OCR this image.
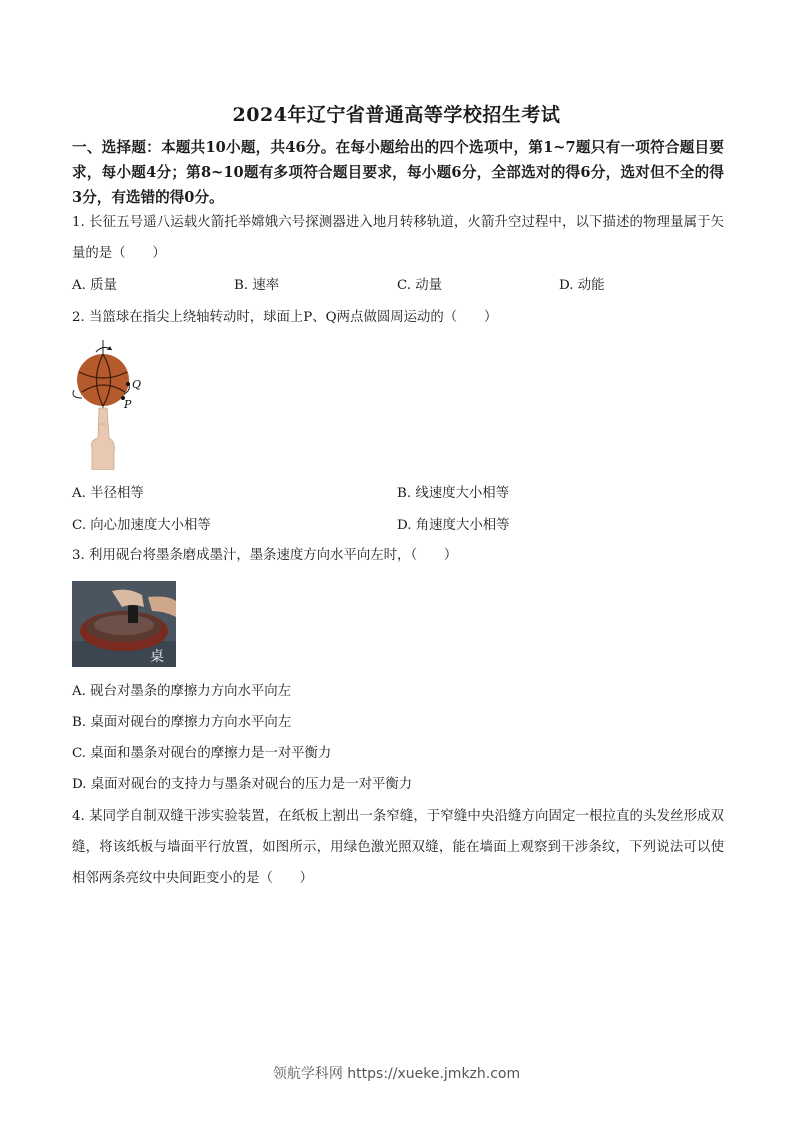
2024年辽宁省普通高等学校招生考试
一、选择题：本题共10小题，共46分。在每小题给出的四个选项中，第1~7题只有一项符合题目要求，每小题4分；第8~10题有多项符合题目要求，每小题6分，全部选对的得6分，选对但不全的得3分，有选错的得0分。
1. 长征五号遥八运载火箭托举嫦娥六号探测器进入地月转移轨道，火箭升空过程中，以下描述的物理量属于矢量的是（　　）
A. 质量	B. 速率	C. 动量	D. 动能
2. 当篮球在指尖上绕轴转动时，球面上P、Q两点做圆周运动的（　　）
Q
P
A. 半径相等	B. 线速度大小相等
C. 向心加速度大小相等	D. 角速度大小相等
3. 利用砚台将墨条磨成墨汁，墨条速度方向水平向左时，（　　）
桌
A. 砚台对墨条的摩擦力方向水平向左
B. 桌面对砚台的摩擦力方向水平向左
C. 桌面和墨条对砚台的摩擦力是一对平衡力
D. 桌面对砚台的支持力与墨条对砚台的压力是一对平衡力
4. 某同学自制双缝干涉实验装置，在纸板上割出一条窄缝，于窄缝中央沿缝方向固定一根拉直的头发丝形成双缝，将该纸板与墙面平行放置，如图所示，用绿色激光照双缝，能在墙面上观察到干涉条纹，下列说法可以使相邻两条亮纹中央间距变小的是（　　）
领航学科网 https://xueke.jmkzh.com
